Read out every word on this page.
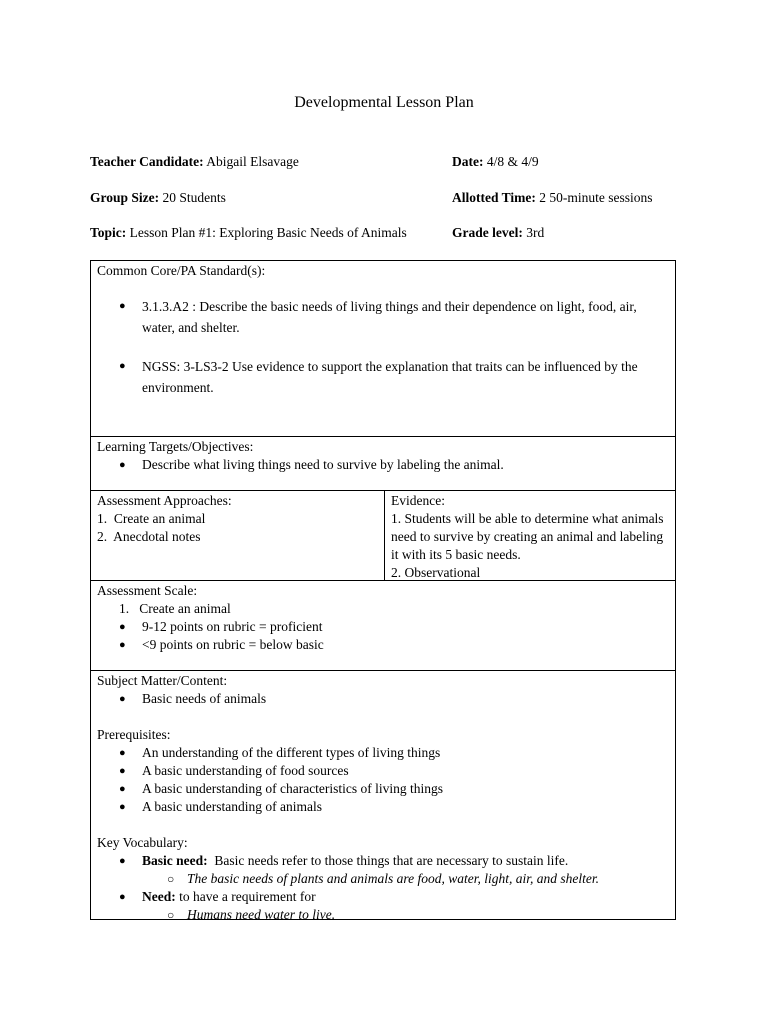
Developmental Lesson Plan
Teacher Candidate: Abigail Elsavage	Date: 4/8 & 4/9
Group Size: 20 Students	Allotted Time: 2 50-minute sessions
Topic: Lesson Plan #1: Exploring Basic Needs of Animals	Grade level: 3rd
Common Core/PA Standard(s):
● 3.1.3.A2 : Describe the basic needs of living things and their dependence on light, food, air, water, and shelter.
● NGSS: 3-LS3-2 Use evidence to support the explanation that traits can be influenced by the environment.
Learning Targets/Objectives:
● Describe what living things need to survive by labeling the animal.
Assessment Approaches:
1.  Create an animal
2.  Anecdotal notes
Evidence:
1. Students will be able to determine what animals need to survive by creating an animal and labeling it with its 5 basic needs.
2. Observational
Assessment Scale:
1.   Create an animal
● 9-12 points on rubric = proficient
● <9 points on rubric = below basic
Subject Matter/Content:
● Basic needs of animals
Prerequisites:
● An understanding of the different types of living things
● A basic understanding of food sources
● A basic understanding of characteristics of living things
● A basic understanding of animals
Key Vocabulary:
● Basic need:  Basic needs refer to those things that are necessary to sustain life.
○ The basic needs of plants and animals are food, water, light, air, and shelter.
● Need: to have a requirement for
○ Humans need water to live.
